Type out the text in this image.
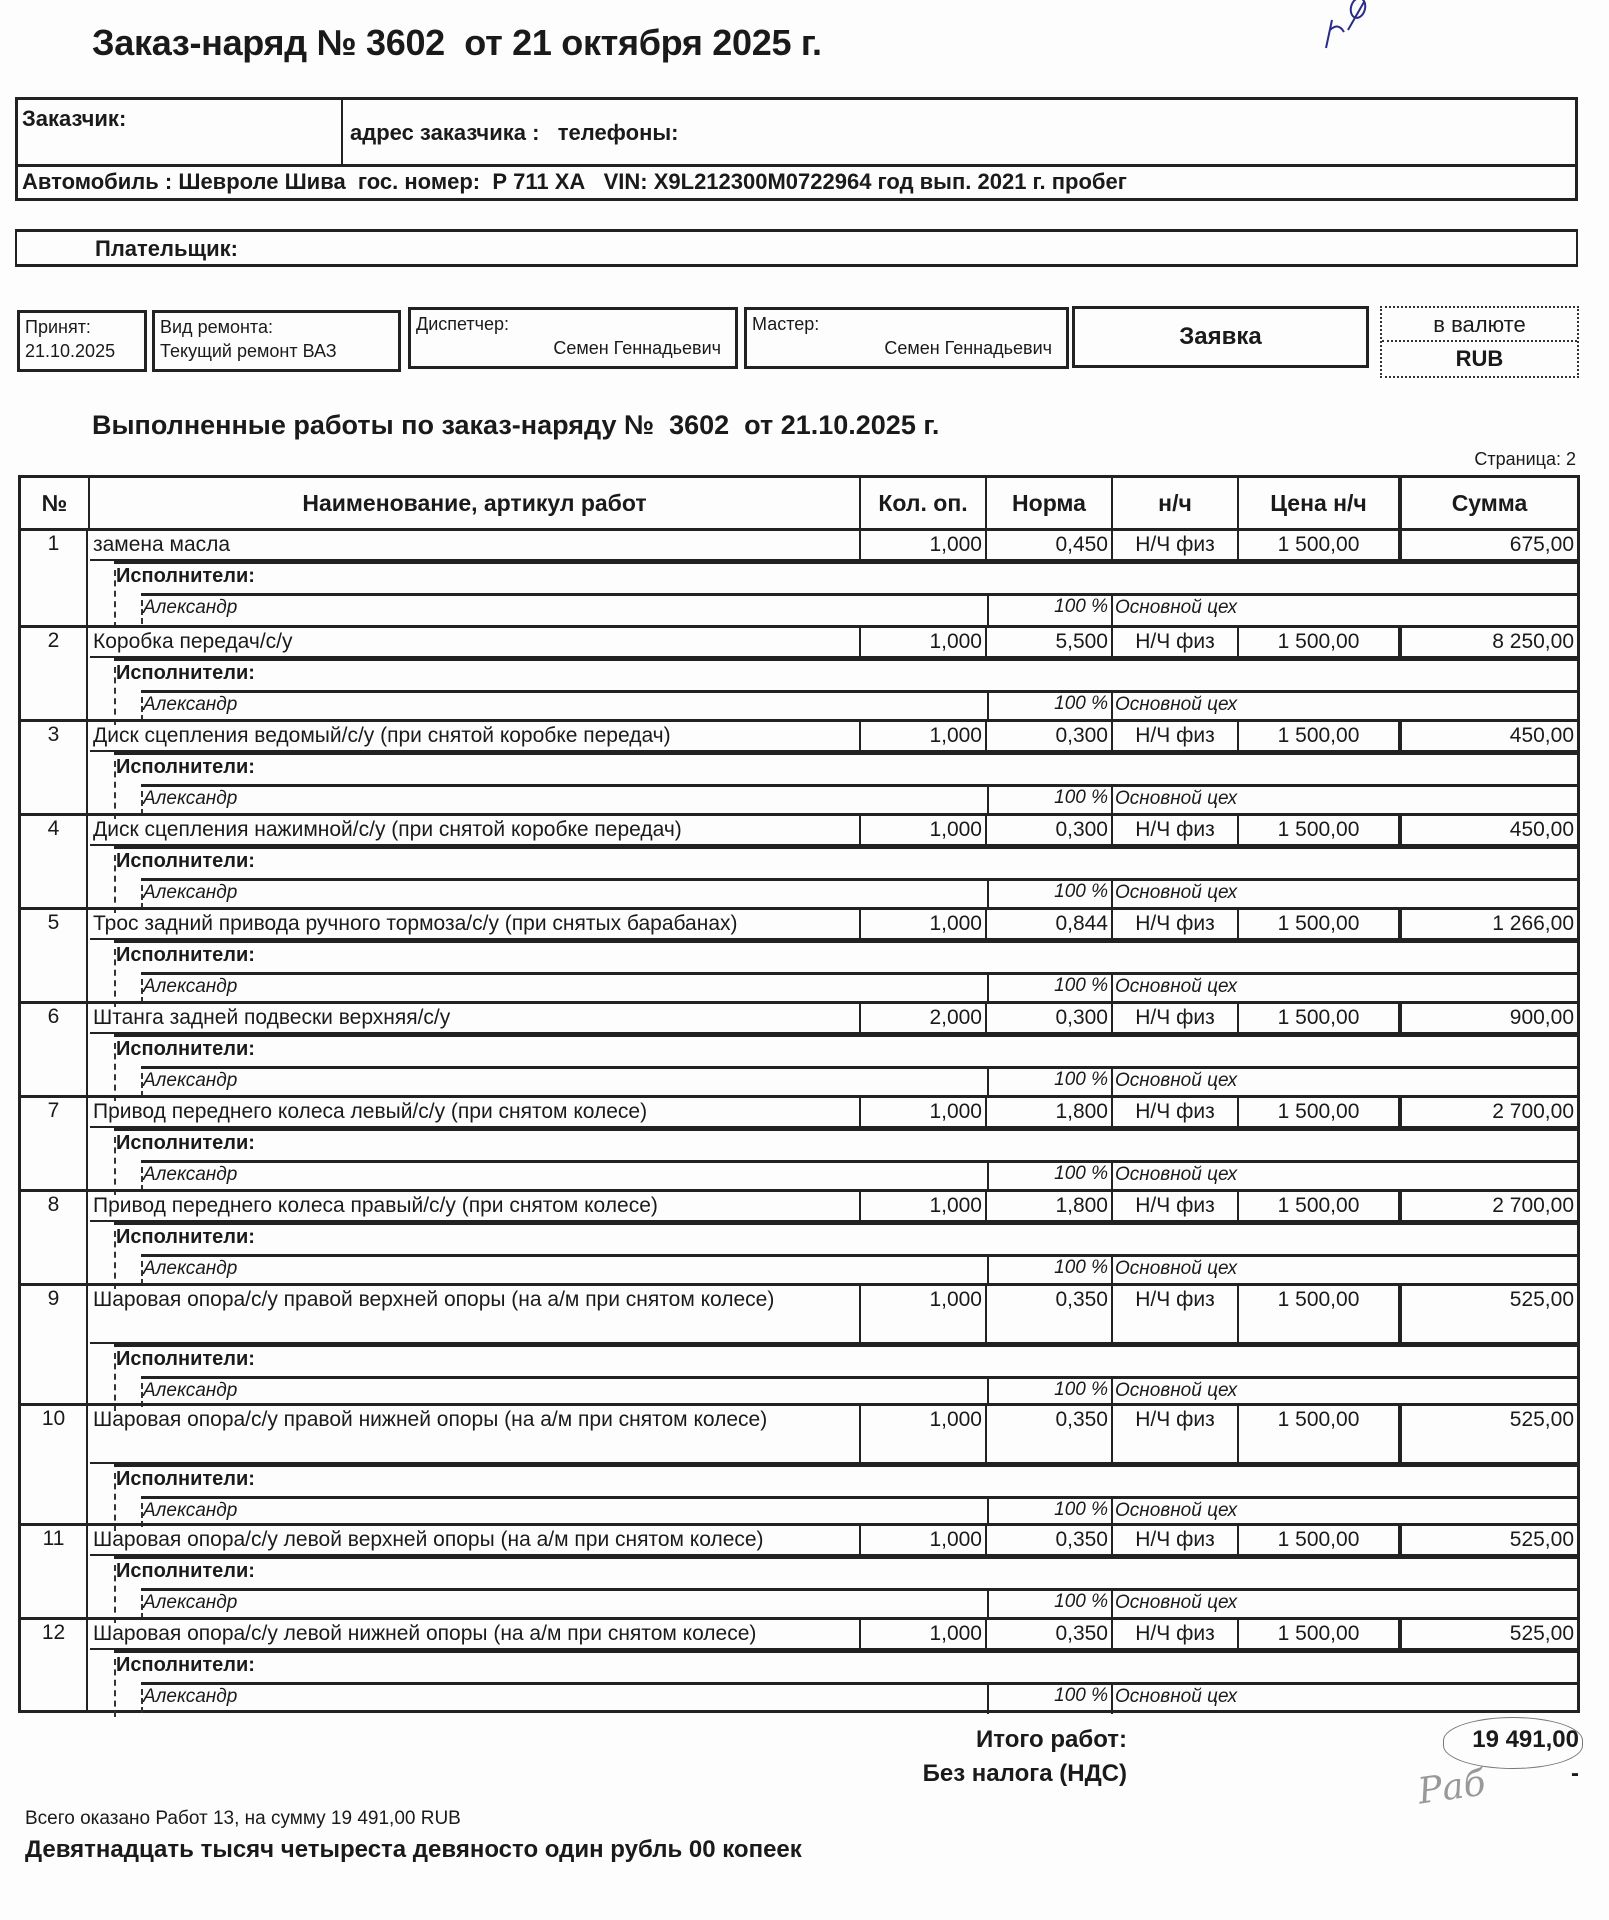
Заказ-наряд № 3602  от 21 октября 2025 г.
Заказчик:
адрес заказчика :   телефоны:
Автомобиль : Шевроле Шива  гос. номер:  Р 711 ХА   VIN: X9L212300M0722964 год вып. 2021 г. пробег
Плательщик:
Принят:
21.10.2025
Вид ремонта:
Текущий ремонт ВАЗ
Диспетчер:
Семен Геннадьевич
Мастер:
Семен Геннадьевич	Заявка	в валюте
RUB
Выполненные работы по заказ-наряду №  3602  от 21.10.2025 г.
Страница: 2
№	Наименование, артикул работ	Кол. оп.	Норма	н/ч	Цена н/ч	Сумма
1	замена масла	1,000	0,450	Н/Ч физ	1 500,00	675,00
Исполнители:
Александр	100 % Основной цех
2	Коробка передач/с/у	1,000	5,500	Н/Ч физ	1 500,00	8 250,00
Исполнители:
Александр	100 % Основной цех
3	Диск сцепления ведомый/с/у (при снятой коробке передач)	1,000	0,300	Н/Ч физ	1 500,00	450,00
Исполнители:
Александр	100 % Основной цех
4	Диск сцепления нажимной/с/у (при снятой коробке передач)	1,000	0,300	Н/Ч физ	1 500,00	450,00
Исполнители:
Александр	100 % Основной цех
5	Трос задний привода ручного тормоза/с/у (при снятых барабанах)	1,000	0,844	Н/Ч физ	1 500,00	1 266,00
Исполнители:
Александр	100 % Основной цех
6	Штанга задней подвески верхняя/с/у	2,000	0,300	Н/Ч физ	1 500,00	900,00
Исполнители:
Александр	100 % Основной цех
7	Привод переднего колеса левый/с/у (при снятом колесе)	1,000	1,800	Н/Ч физ	1 500,00	2 700,00
Исполнители:
Александр	100 % Основной цех
8	Привод переднего колеса правый/с/у (при снятом колесе)	1,000	1,800	Н/Ч физ	1 500,00	2 700,00
Исполнители:
Александр	100 % Основной цех
9	Шаровая опора/с/у правой верхней опоры (на а/м при снятом колесе)	1,000	0,350	Н/Ч физ	1 500,00	525,00
Исполнители:
Александр	100 % Основной цех
10	Шаровая опора/с/у правой нижней опоры (на а/м при снятом колесе)	1,000	0,350	Н/Ч физ	1 500,00	525,00
Исполнители:
Александр	100 % Основной цех
11	Шаровая опора/с/у левой верхней опоры (на а/м при снятом колесе)	1,000	0,350	Н/Ч физ	1 500,00	525,00
Исполнители:
Александр	100 % Основной цех
12	Шаровая опора/с/у левой нижней опоры (на а/м при снятом колесе)	1,000	0,350	Н/Ч физ	1 500,00	525,00
Исполнители:
Александр	100 % Основной цех
Итого работ:	19 491,00
Без налога (НДС)	-
Раб
Всего оказано Работ 13, на сумму 19 491,00 RUB
Девятнадцать тысяч четыреста девяносто один рубль 00 копеек
